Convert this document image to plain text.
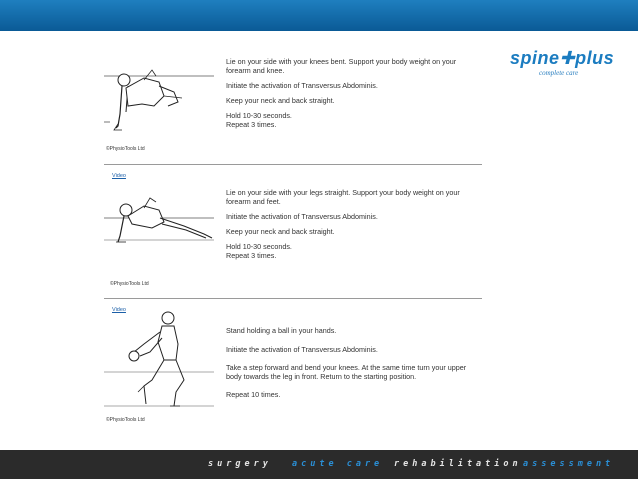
spine✚plus
complete care

Lie on your side with your knees bent. Support your body weight on your forearm and knee.

Initiate the activation of Transversus Abdominis.

Keep your neck and back straight.

Hold 10-30 seconds.

Repeat 3 times.

©PhysioTools Ltd
Video

Lie on your side with your legs straight. Support your body weight on your forearm and feet.

Initiate the activation of Transversus Abdominis.

Keep your neck and back straight.

Hold 10-30 seconds.

Repeat 3 times.

©PhysioTools Ltd
Video

Stand holding a ball in your hands.

Initiate the activation of Transversus Abdominis.

Take a step forward and bend your knees. At the same time turn your upper body towards the leg in front. Return to the starting position.

Repeat 10 times.

©PhysioTools Ltd
surgery acute care rehabilitation assessment
